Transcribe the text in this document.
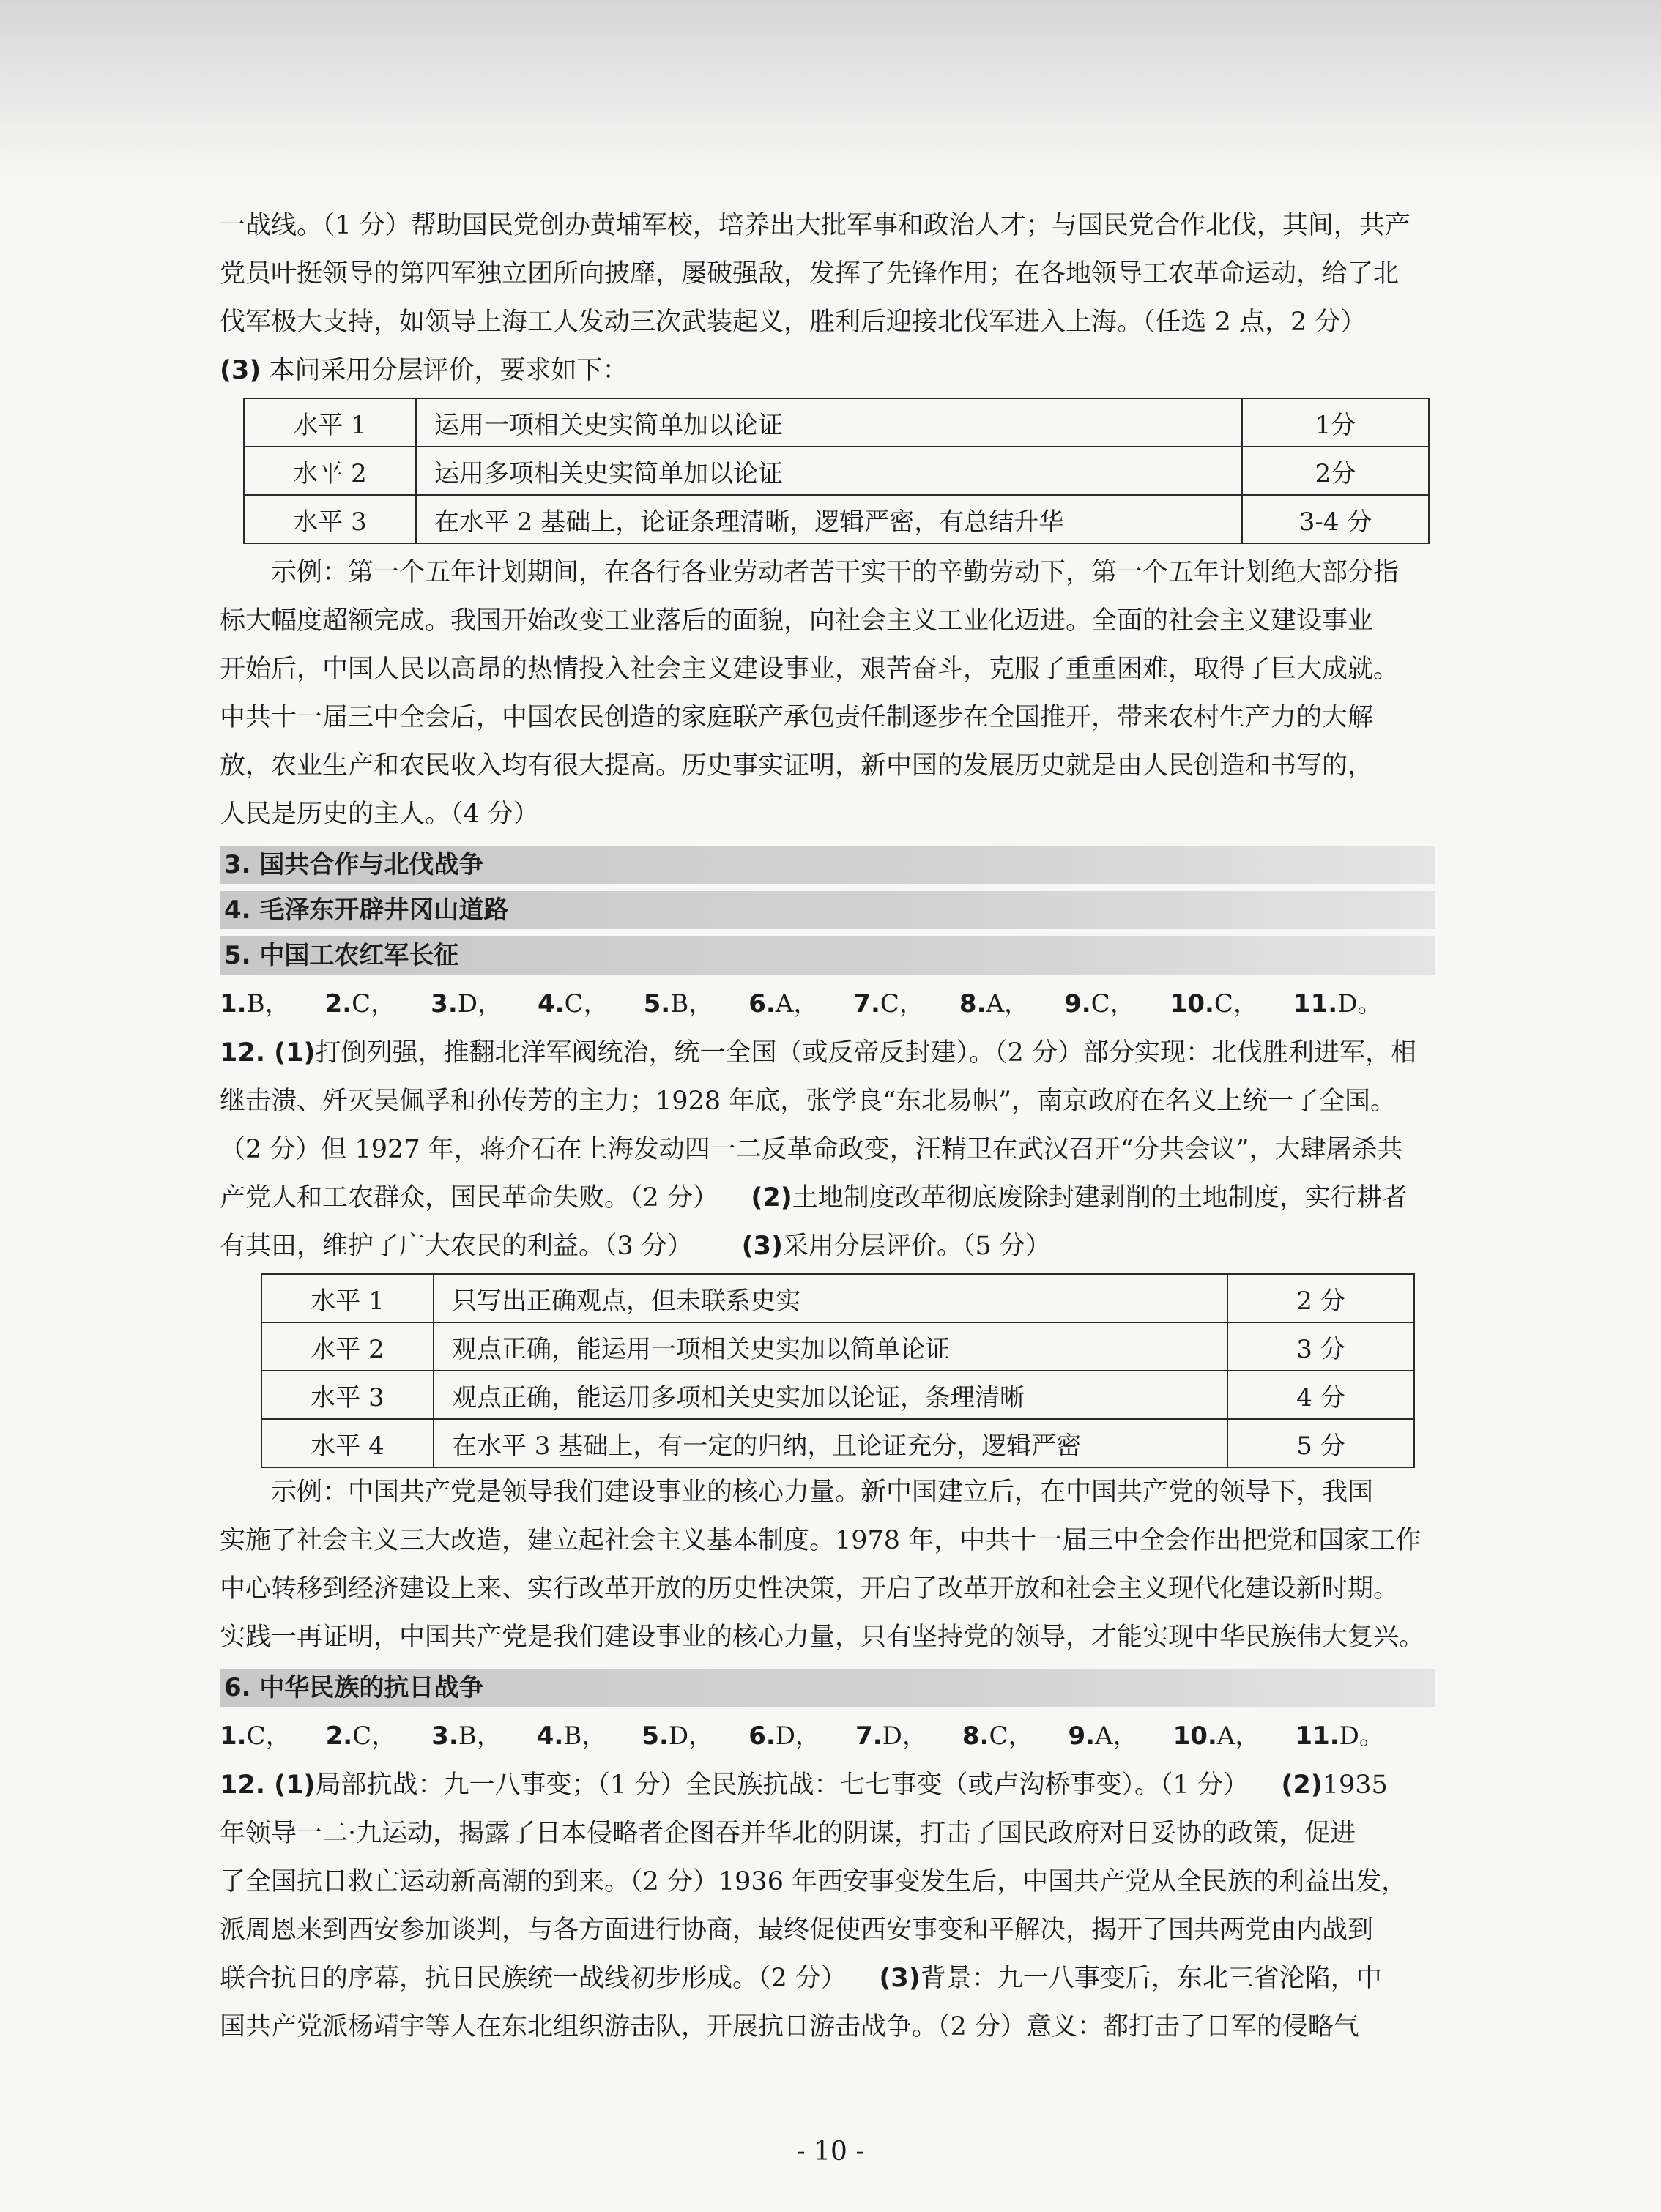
一战线。（1 分）帮助国民党创办黄埔军校，培养出大批军事和政治人才；与国民党合作北伐，其间，共产

党员叶挺领导的第四军独立团所向披靡，屡破强敌，发挥了先锋作用；在各地领导工农革命运动，给了北

伐军极大支持，如领导上海工人发动三次武装起义，胜利后迎接北伐军进入上海。（任选 2 点，2 分）

(3) 本问采用分层评价，要求如下：

水平 1	运用一项相关史实简单加以论证	1分
水平 2	运用多项相关史实简单加以论证	2分
水平 3	在水平 2 基础上，论证条理清晰，逻辑严密，有总结升华	3-4 分

示例：第一个五年计划期间，在各行各业劳动者苦干实干的辛勤劳动下，第一个五年计划绝大部分指

标大幅度超额完成。我国开始改变工业落后的面貌，向社会主义工业化迈进。全面的社会主义建设事业

开始后，中国人民以高昂的热情投入社会主义建设事业，艰苦奋斗，克服了重重困难，取得了巨大成就。

中共十一届三中全会后，中国农民创造的家庭联产承包责任制逐步在全国推开，带来农村生产力的大解

放，农业生产和农民收入均有很大提高。历史事实证明，新中国的发展历史就是由人民创造和书写的，

人民是历史的主人。（4 分）

3. 国共合作与北伐战争
4. 毛泽东开辟井冈山道路
5. 中国工农红军长征
1.B， 2.C， 3.D， 4.C， 5.B， 6.A， 7.C， 8.A， 9.C， 10.C， 11.D。

12. (1)打倒列强，推翻北洋军阀统治，统一全国（或反帝反封建）。（2 分）部分实现：北伐胜利进军，相

继击溃、歼灭吴佩孚和孙传芳的主力；1928 年底，张学良“东北易帜”，南京政府在名义上统一了全国。

（2 分）但 1927 年，蒋介石在上海发动四一二反革命政变，汪精卫在武汉召开“分共会议”，大肆屠杀共

产党人和工农群众，国民革命失败。（2 分） (2)土地制度改革彻底废除封建剥削的土地制度，实行耕者

有其田，维护了广大农民的利益。（3 分） (3)采用分层评价。（5 分）

水平 1	只写出正确观点，但未联系史实	2 分
水平 2	观点正确，能运用一项相关史实加以简单论证	3 分
水平 3	观点正确，能运用多项相关史实加以论证，条理清晰	4 分
水平 4	在水平 3 基础上，有一定的归纳，且论证充分，逻辑严密	5 分

示例：中国共产党是领导我们建设事业的核心力量。新中国建立后，在中国共产党的领导下，我国

实施了社会主义三大改造，建立起社会主义基本制度。1978 年，中共十一届三中全会作出把党和国家工作

中心转移到经济建设上来、实行改革开放的历史性决策，开启了改革开放和社会主义现代化建设新时期。

实践一再证明，中国共产党是我们建设事业的核心力量，只有坚持党的领导，才能实现中华民族伟大复兴。

6. 中华民族的抗日战争
1.C， 2.C， 3.B， 4.B， 5.D， 6.D， 7.D， 8.C， 9.A， 10.A， 11.D。

12. (1)局部抗战：九一八事变；（1 分）全民族抗战：七七事变（或卢沟桥事变）。（1 分） (2)1935

年领导一二·九运动，揭露了日本侵略者企图吞并华北的阴谋，打击了国民政府对日妥协的政策，促进

了全国抗日救亡运动新高潮的到来。（2 分）1936 年西安事变发生后，中国共产党从全民族的利益出发，

派周恩来到西安参加谈判，与各方面进行协商，最终促使西安事变和平解决，揭开了国共两党由内战到

联合抗日的序幕，抗日民族统一战线初步形成。（2 分） (3)背景：九一八事变后，东北三省沦陷，中

国共产党派杨靖宇等人在东北组织游击队，开展抗日游击战争。（2 分）意义：都打击了日军的侵略气

- 10 -
